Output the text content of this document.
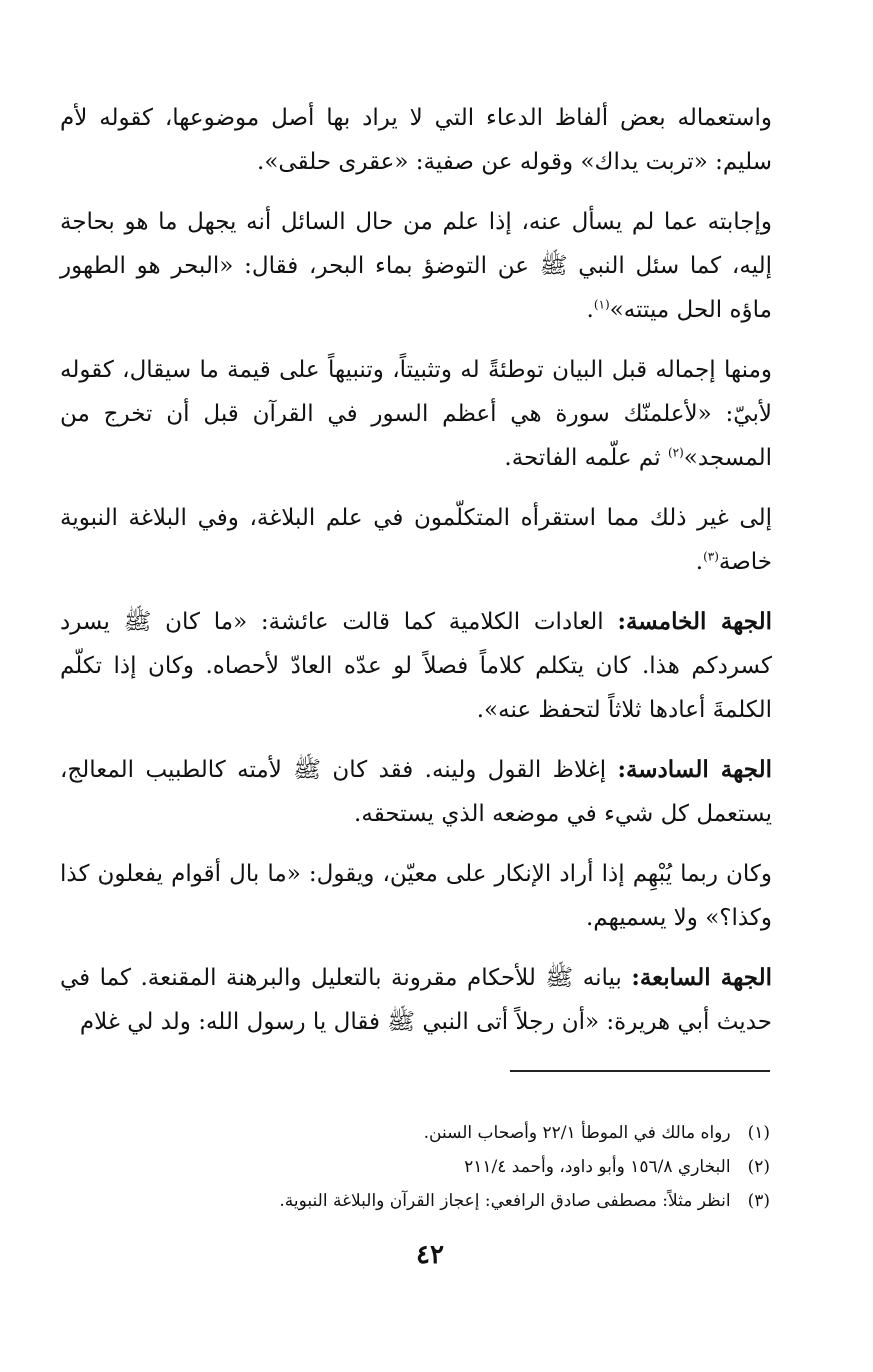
واستعماله بعض ألفاظ الدعاء التي لا يراد بها أصل موضوعها، كقوله لأم سليم: «تربت يداك» وقوله عن صفية: «عقرى حلقى».

وإجابته عما لم يسأل عنه، إذا علم من حال السائل أنه يجهل ما هو بحاجة إليه، كما سئل النبي ﷺ عن التوضؤ بماء البحر، فقال: «البحر هو الطهور ماؤه الحل ميتته»$^{(١)}$.

ومنها إجماله قبل البيان توطئةً له وتثبيتاً، وتنبيهاً على قيمة ما سيقال، كقوله لأبيّ: «لأعلمنّك سورة هي أعظم السور في القرآن قبل أن تخرج من المسجد»$^{(٢)}$ ثم علّمه الفاتحة.

إلى غير ذلك مما استقرأه المتكلّمون في علم البلاغة، وفي البلاغة النبوية خاصة$^{(٣)}$.

الجهة الخامسة: العادات الكلامية كما قالت عائشة: «ما كان ﷺ يسرد كسردكم هذا. كان يتكلم كلاماً فصلاً لو عدّه العادّ لأحصاه. وكان إذا تكلّم الكلمةَ أعادها ثلاثاً لتحفظ عنه».

الجهة السادسة: إغلاظ القول ولينه. فقد كان ﷺ لأمته كالطبيب المعالج، يستعمل كل شيء في موضعه الذي يستحقه.

وكان ربما يُبْهِم إذا أراد الإنكار على معيّن، ويقول: «ما بال أقوام يفعلون كذا وكذا؟» ولا يسميهم.

الجهة السابعة: بيانه ﷺ للأحكام مقرونة بالتعليل والبرهنة المقنعة. كما في حديث أبي هريرة: «أن رجلاً أتى النبي ﷺ فقال يا رسول الله: ولد لي غلام

(١) رواه مالك في الموطأ ٢٢/١ وأصحاب السنن.
(٢) البخاري ١٥٦/٨ وأبو داود، وأحمد ٢١١/٤
(٣) انظر مثلاً: مصطفى صادق الرافعي: إعجاز القرآن والبلاغة النبوية.
٤٢
